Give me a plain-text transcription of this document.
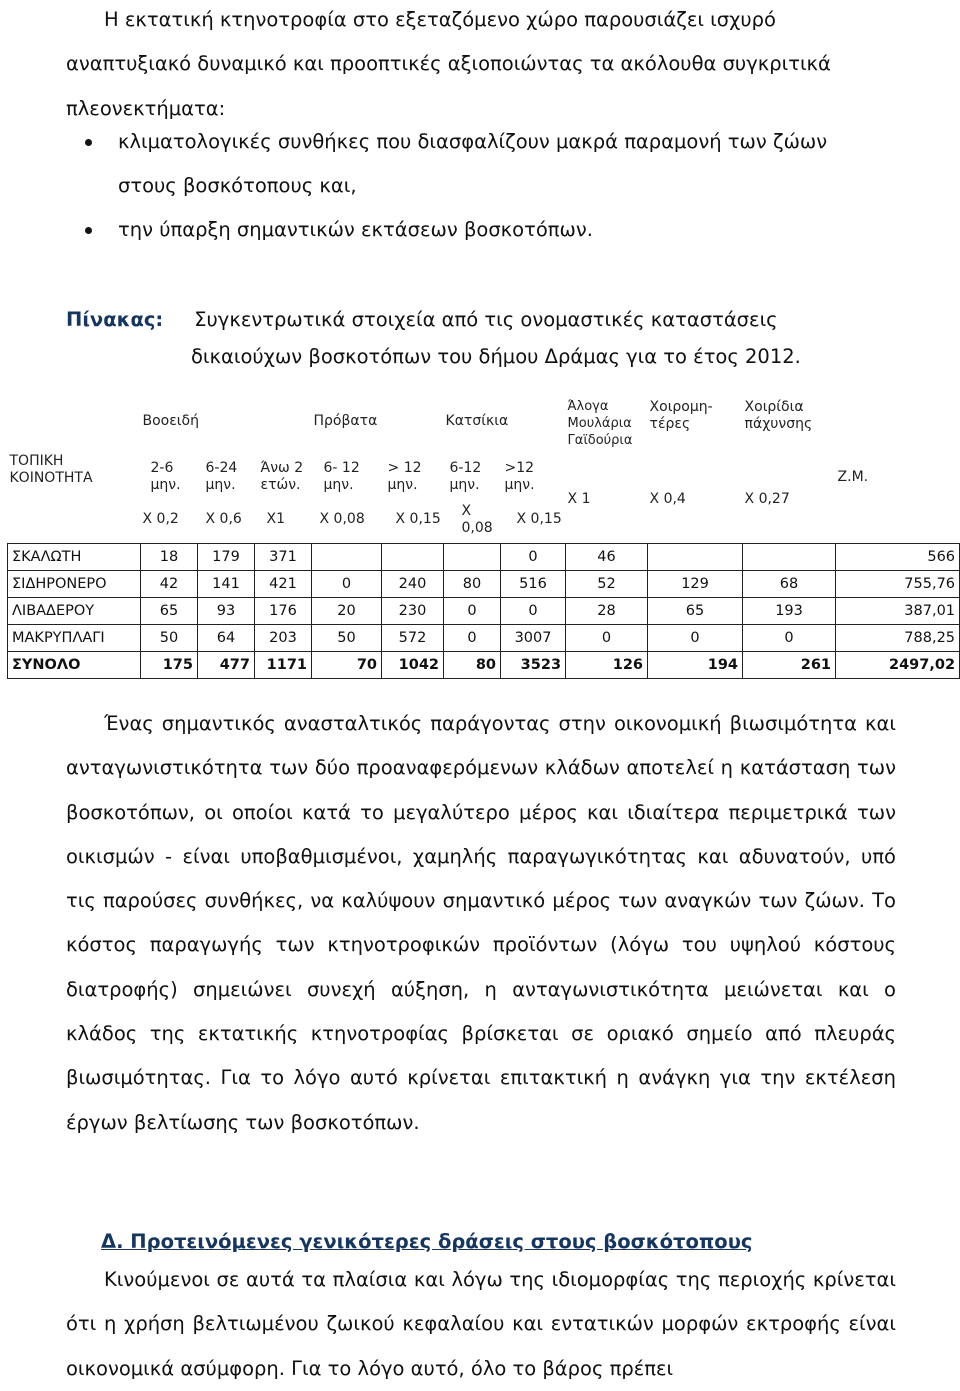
Η εκτατική κτηνοτροφία στο εξεταζόμενο χώρο παρουσιάζει ισχυρό
αναπτυξιακό δυναμικό και προοπτικές αξιοποιώντας τα ακόλουθα συγκριτικά
πλεονεκτήματα:

κλιματολογικές συνθήκες που διασφαλίζουν μακρά παραμονή των ζώων
στους βοσκότοπους και,
την ύπαρξη σημαντικών εκτάσεων βοσκοτόπων.

Πίνακας: Συγκεντρωτικά στοιχεία από τις ονομαστικές καταστάσεις
δικαιούχων βοσκοτόπων του δήμου Δράμας για το έτος 2012.

ΤΟΠΙΚΗ ΚΟΙΝΟΤΗΤΑ	Βοοειδή			Πρόβατα		Κατσίκια		Άλογα Μουλάρια Γαϊδούρια	Χοιρομη-τέρες	Χοιρίδια πάχυνσης	
	2-6 μην.	6-24 μην.	Άνω 2 ετών.	6- 12 μην.	> 12 μην.	6-12 μην.	>12 μην.	Χ 1	Χ 0,4	Χ 0,27	Ζ.Μ.
	Χ 0,2	Χ 0,6	Χ1	Χ 0,08	Χ 0,15	Χ 0,08	Χ 0,15				
ΣΚΑΛΩΤΗ	18	179	371				0	46			566
ΣΙΔΗΡΟΝΕΡΟ	42	141	421	0	240	80	516	52	129	68	755,76
ΛΙΒΑΔΕΡΟΥ	65	93	176	20	230	0	0	28	65	193	387,01
ΜΑΚΡΥΠΛΑΓΙ	50	64	203	50	572	0	3007	0	0	0	788,25
ΣΥΝΟΛΟ	175	477	1171	70	1042	80	3523	126	194	261	2497,02

Ένας σημαντικός ανασταλτικός παράγοντας στην οικονομική βιωσιμότητα και ανταγωνιστικότητα των δύο προαναφερόμενων κλάδων αποτελεί η κατάσταση των βοσκοτόπων, οι οποίοι κατά το μεγαλύτερο μέρος και ιδιαίτερα περιμετρικά των οικισμών - είναι υποβαθμισμένοι, χαμηλής παραγωγικότητας και αδυνατούν, υπό τις παρούσες συνθήκες, να καλύψουν σημαντικό μέρος των αναγκών των ζώων. Το κόστος παραγωγής των κτηνοτροφικών προϊόντων (λόγω του υψηλού κόστους διατροφής) σημειώνει συνεχή αύξηση, η ανταγωνιστικότητα μειώνεται και ο κλάδος της εκτατικής κτηνοτροφίας βρίσκεται σε οριακό σημείο από πλευράς βιωσιμότητας. Για το λόγο αυτό κρίνεται επιτακτική η ανάγκη για την εκτέλεση έργων βελτίωσης των βοσκοτόπων.

Δ. Προτεινόμενες γενικότερες δράσεις στους βοσκότοπους

Κινούμενοι σε αυτά τα πλαίσια και λόγω της ιδιομορφίας της περιοχής κρίνεται ότι η χρήση βελτιωμένου ζωικού κεφαλαίου και εντατικών μορφών εκτροφής είναι οικονομικά ασύμφορη. Για το λόγο αυτό, όλο το βάρος πρέπει
